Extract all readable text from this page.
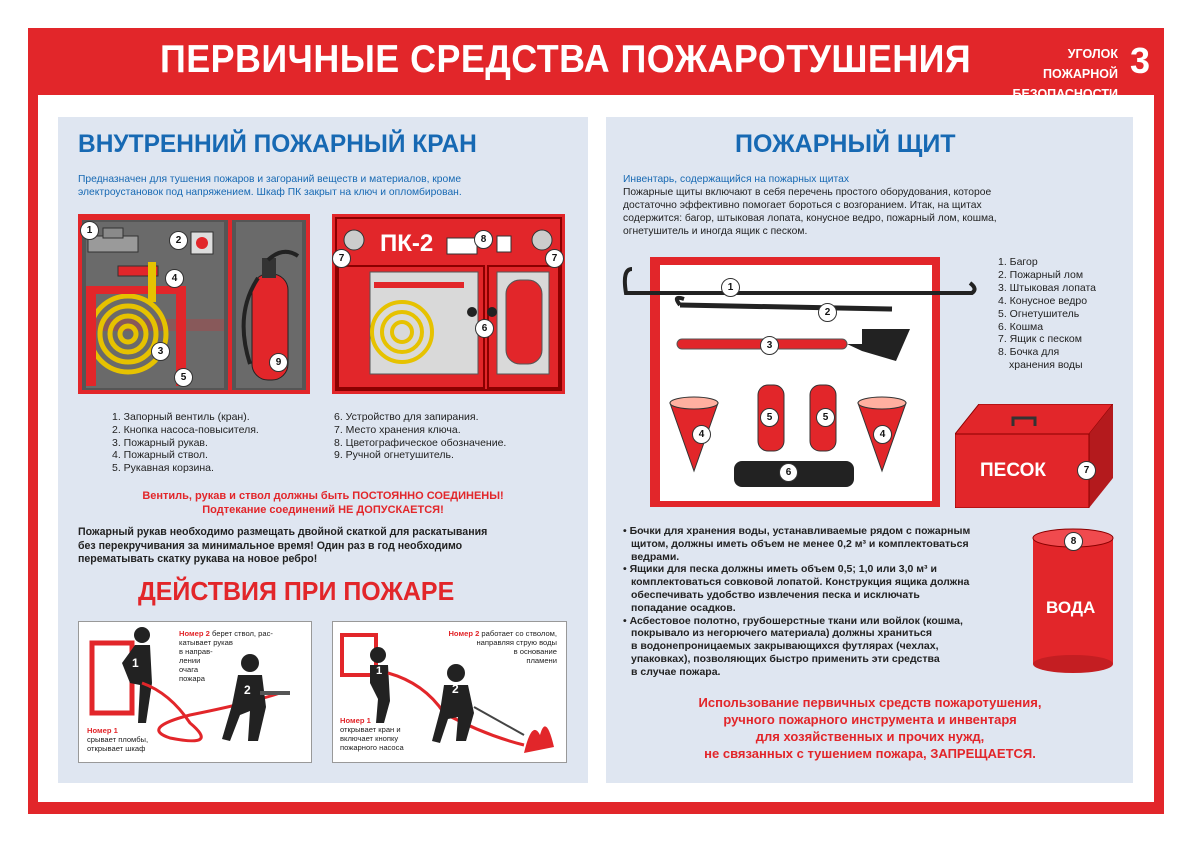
ПЕРВИЧНЫЕ СРЕДСТВА ПОЖАРОТУШЕНИЯ	УГОЛОК ПОЖАРНОЙ
БЕЗОПАСНОСТИ
3
ВНУТРЕННИЙ ПОЖАРНЫЙ КРАН
Предназначен для тушения пожаров и загораний веществ и материалов, кроме
электроустановок под напряжением. Шкаф ПК закрыт на ключ и опломбирован.
1
2
4
3
5
9
ПК-2	8
7	7
6
1. Запорный вентиль (кран).
2. Кнопка насоса-повысителя.
3. Пожарный рукав.
4. Пожарный ствол.
5. Рукавная корзина.
6. Устройство для запирания.
7. Место хранения ключа.
8. Цветографическое обозначение.
9. Ручной огнетушитель.
Вентиль, рукав и ствол должны быть ПОСТОЯННО СОЕДИНЕНЫ!
Подтекание соединений НЕ ДОПУСКАЕТСЯ!
Пожарный рукав необходимо размещать двойной скаткой для раскатывания
без перекручивания за минимальное время! Один раз в год необходимо
перематывать скатку рукава на новое ребро!
ДЕЙСТВИЯ ПРИ ПОЖАРЕ
1
2
Номер 2 берет ствол, рас-
катывает рукав
в направ-
лении
очага
пожара
Номер 1
срывает пломбы,
открывает шкаф
1
2
Номер 2 работает со стволом,
направляя струю воды
в основание
пламени
Номер 1
открывает кран и
включает кнопку
пожарного насоса
ПОЖАРНЫЙ ЩИТ
Инвентарь, содержащийся на пожарных щитах
Пожарные щиты включают в себя перечень простого оборудования, которое
достаточно эффективно помогает бороться с возгоранием. Итак, на щитах
содержится: багор, штыковая лопата, конусное ведро, пожарный лом, кошма,
огнетушитель и иногда ящик с песком.
1
2
3
4	4
5	5
6
1. Багор
2. Пожарный лом
3. Штыковая лопата
4. Конусное ведро
5. Огнетушитель
6. Кошма
7. Ящик с песком
8. Бочка для
хранения воды
ПЕСОК	7
ВОДА
8
• Бочки для хранения воды, устанавливаемые рядом с пожарным
щитом, должны иметь объем не менее 0,2 м³ и комплектоваться
ведрами.
• Ящики для песка должны иметь объем 0,5; 1,0 или 3,0 м³ и
комплектоваться совковой лопатой. Конструкция ящика должна
обеспечивать удобство извлечения песка и исключать
попадание осадков.
• Асбестовое полотно, грубошерстные ткани или войлок (кошма,
покрывало из негорючего материала) должны храниться
в водонепроницаемых закрывающихся футлярах (чехлах,
упаковках), позволяющих быстро применить эти средства
в случае пожара.
Использование первичных средств пожаротушения,
ручного пожарного инструмента и инвентаря
для хозяйственных и прочих нужд,
не связанных с тушением пожара, ЗАПРЕЩАЕТСЯ.
